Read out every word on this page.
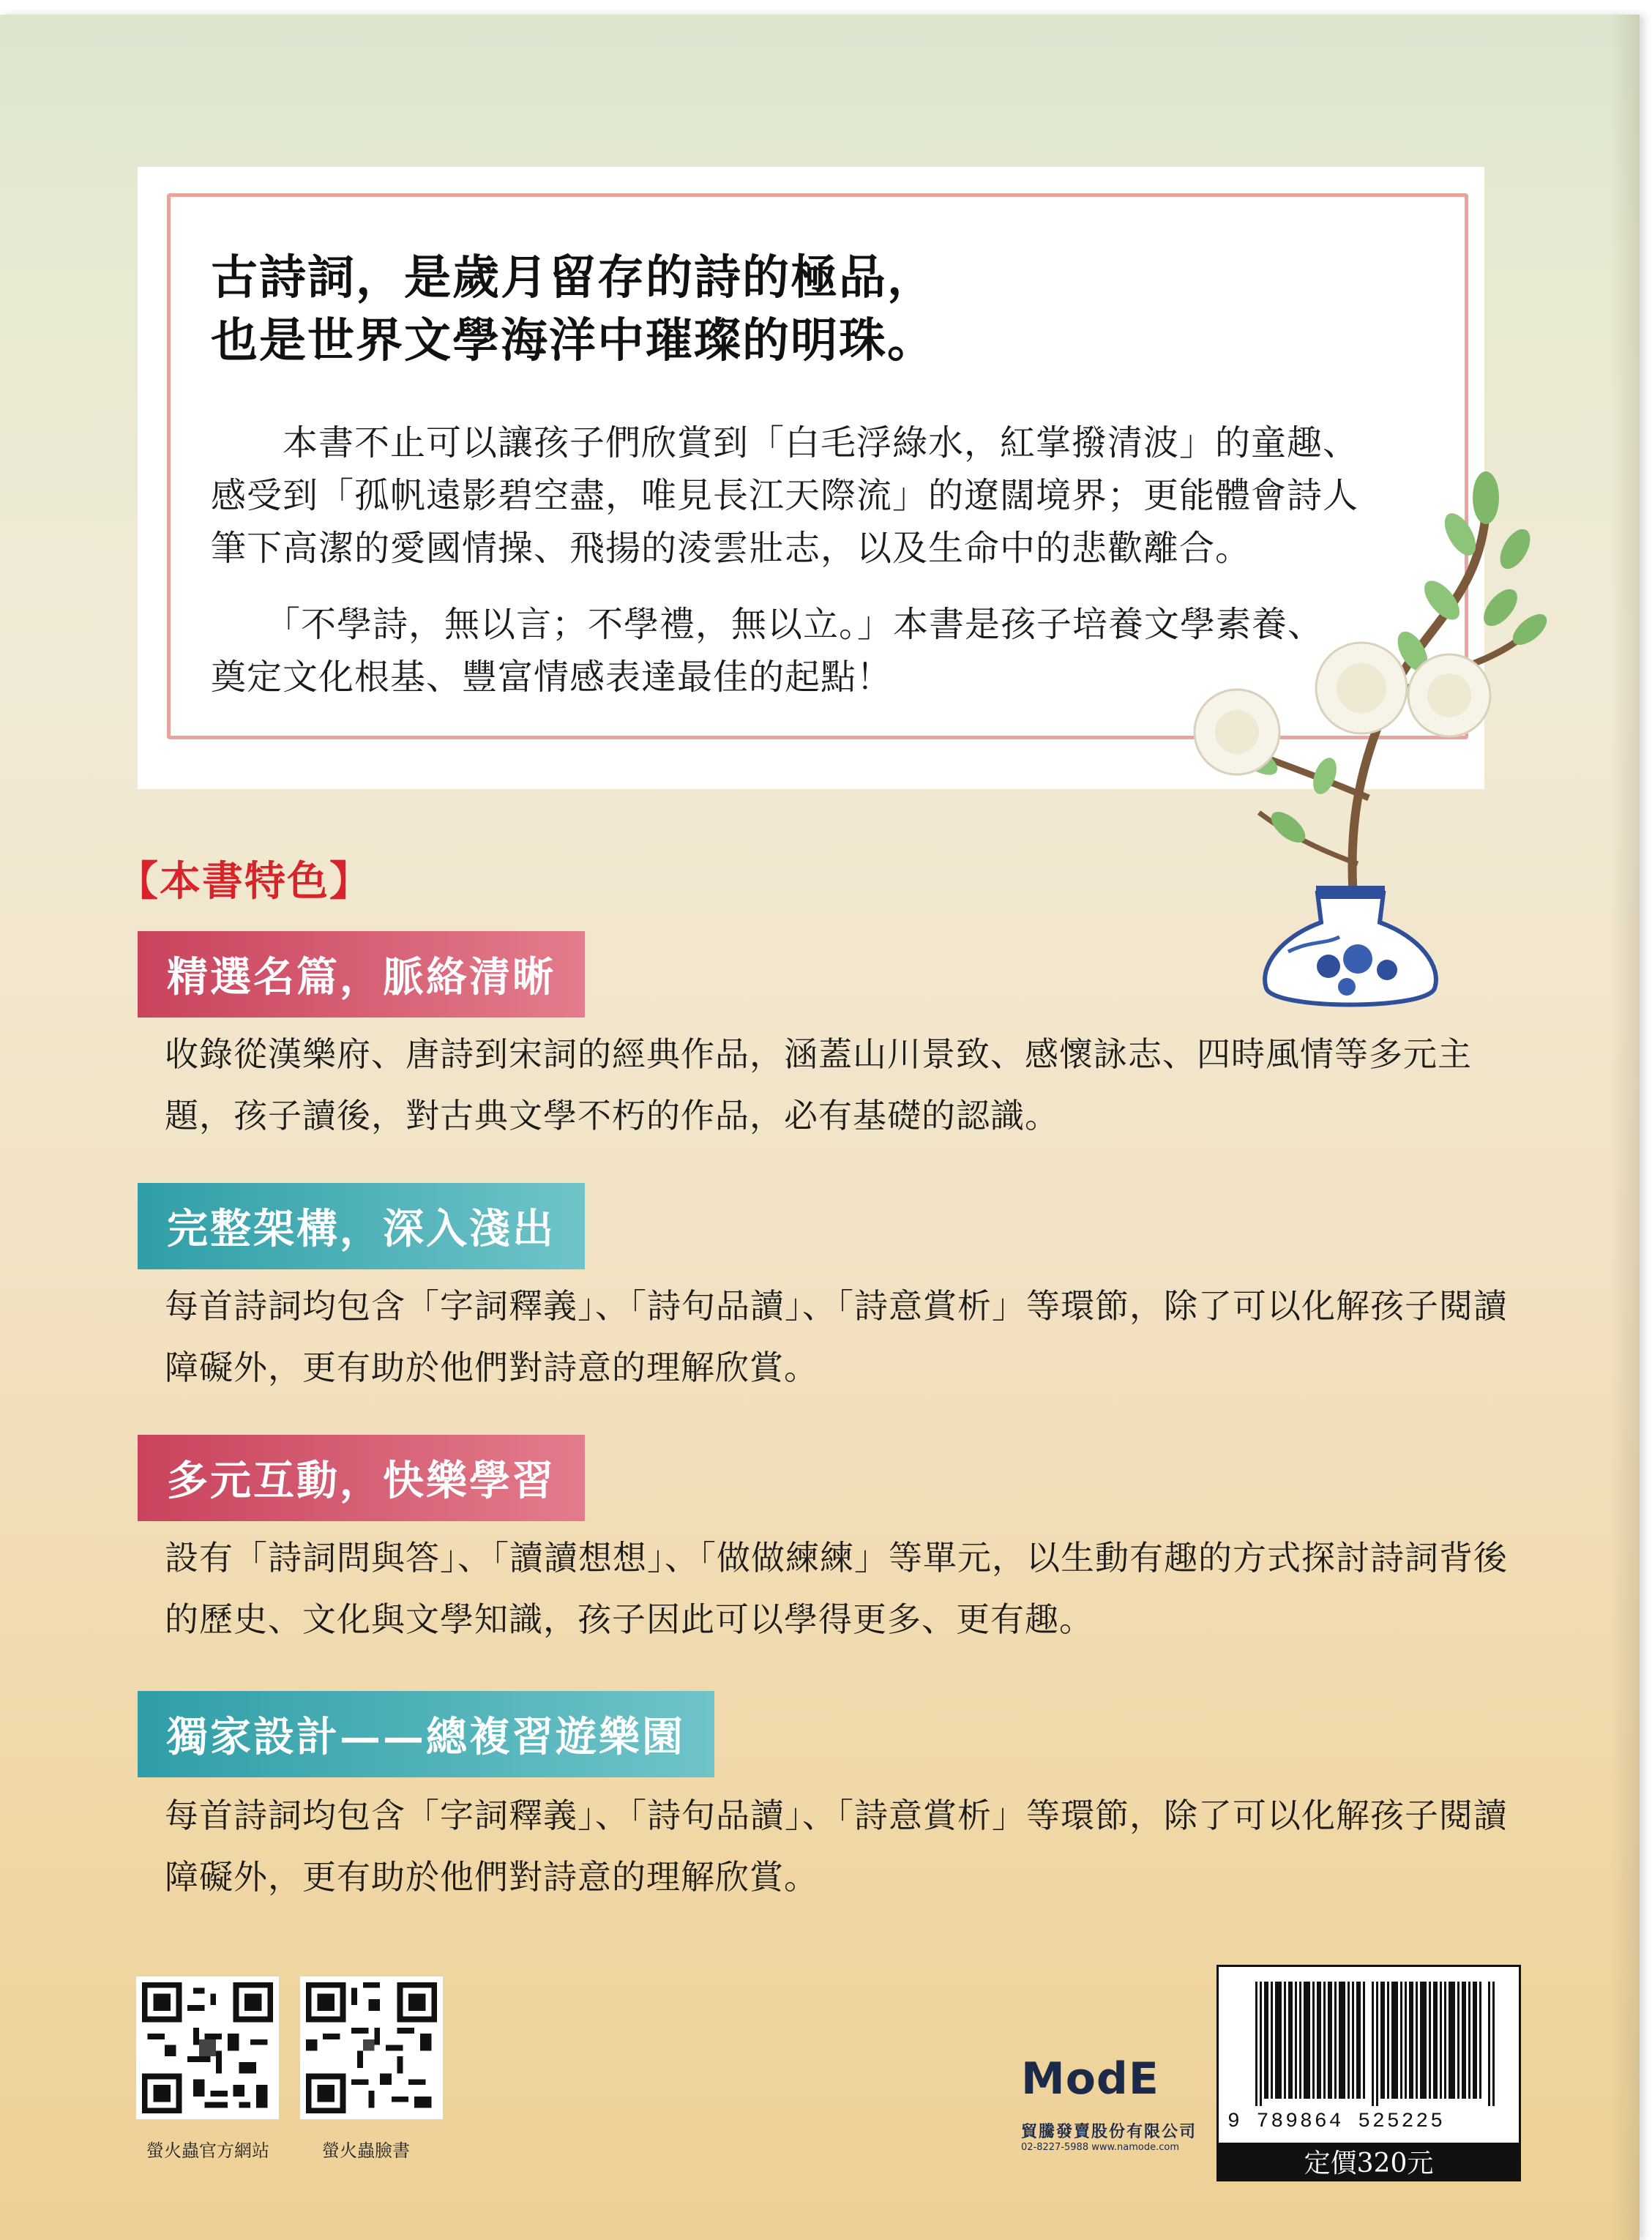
古詩詞，是歲月留存的詩的極品，
也是世界文學海洋中璀璨的明珠。
　　本書不止可以讓孩子們欣賞到「白毛浮綠水，紅掌撥清波」的童趣、
感受到「孤帆遠影碧空盡，唯見長江天際流」的遼闊境界；更能體會詩人
筆下高潔的愛國情操、飛揚的淩雲壯志，以及生命中的悲歡離合。
　　「不學詩，無以言；不學禮，無以立。」本書是孩子培養文學素養、
奠定文化根基、豐富情感表達最佳的起點！
【本書特色】
精選名篇，脈絡清晰
收錄從漢樂府、唐詩到宋詞的經典作品，涵蓋山川景致、感懷詠志、四時風情等多元主
題，孩子讀後，對古典文學不朽的作品，必有基礎的認識。
完整架構，深入淺出
每首詩詞均包含「字詞釋義」、「詩句品讀」、「詩意賞析」等環節，除了可以化解孩子閱讀
障礙外，更有助於他們對詩意的理解欣賞。
多元互動，快樂學習
設有「詩詞問與答」、「讀讀想想」、「做做練練」等單元，以生動有趣的方式探討詩詞背後
的歷史、文化與文學知識，孩子因此可以學得更多、更有趣。
獨家設計——總複習遊樂園
每首詩詞均包含「字詞釋義」、「詩句品讀」、「詩意賞析」等環節，除了可以化解孩子閱讀
障礙外，更有助於他們對詩意的理解欣賞。
螢火蟲官方網站	螢火蟲臉書
ModE
貿騰發賣股份有限公司
02-8227-5988 www.namode.com
9 789864 525225
定價320元
